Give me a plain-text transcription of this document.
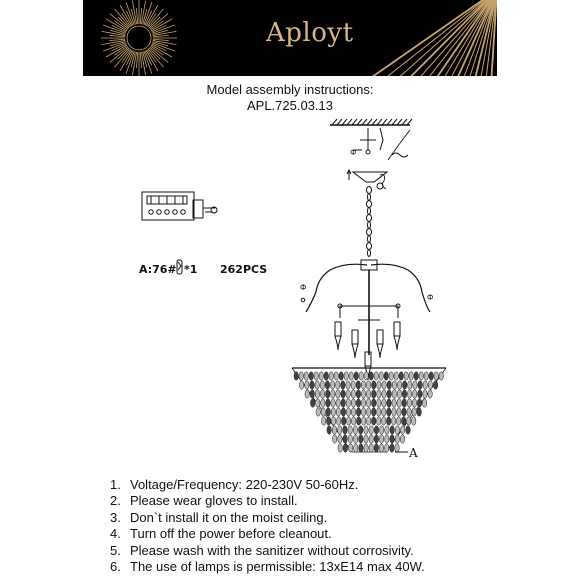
Aployt
Model assembly instructions:
APL.725.03.13
Φ
Φ
Φ
A:76# *1 262PCS
A
1. Voltage/Frequency: 220-230V 50-60Hz.
2. Please wear gloves to install.
3. Don`t install it on the moist ceiling.
4. Turn off the power before cleanout.
5. Please wash with the sanitizer without corrosivity.
6. The use of lamps is permissible: 13xE14 max 40W.
